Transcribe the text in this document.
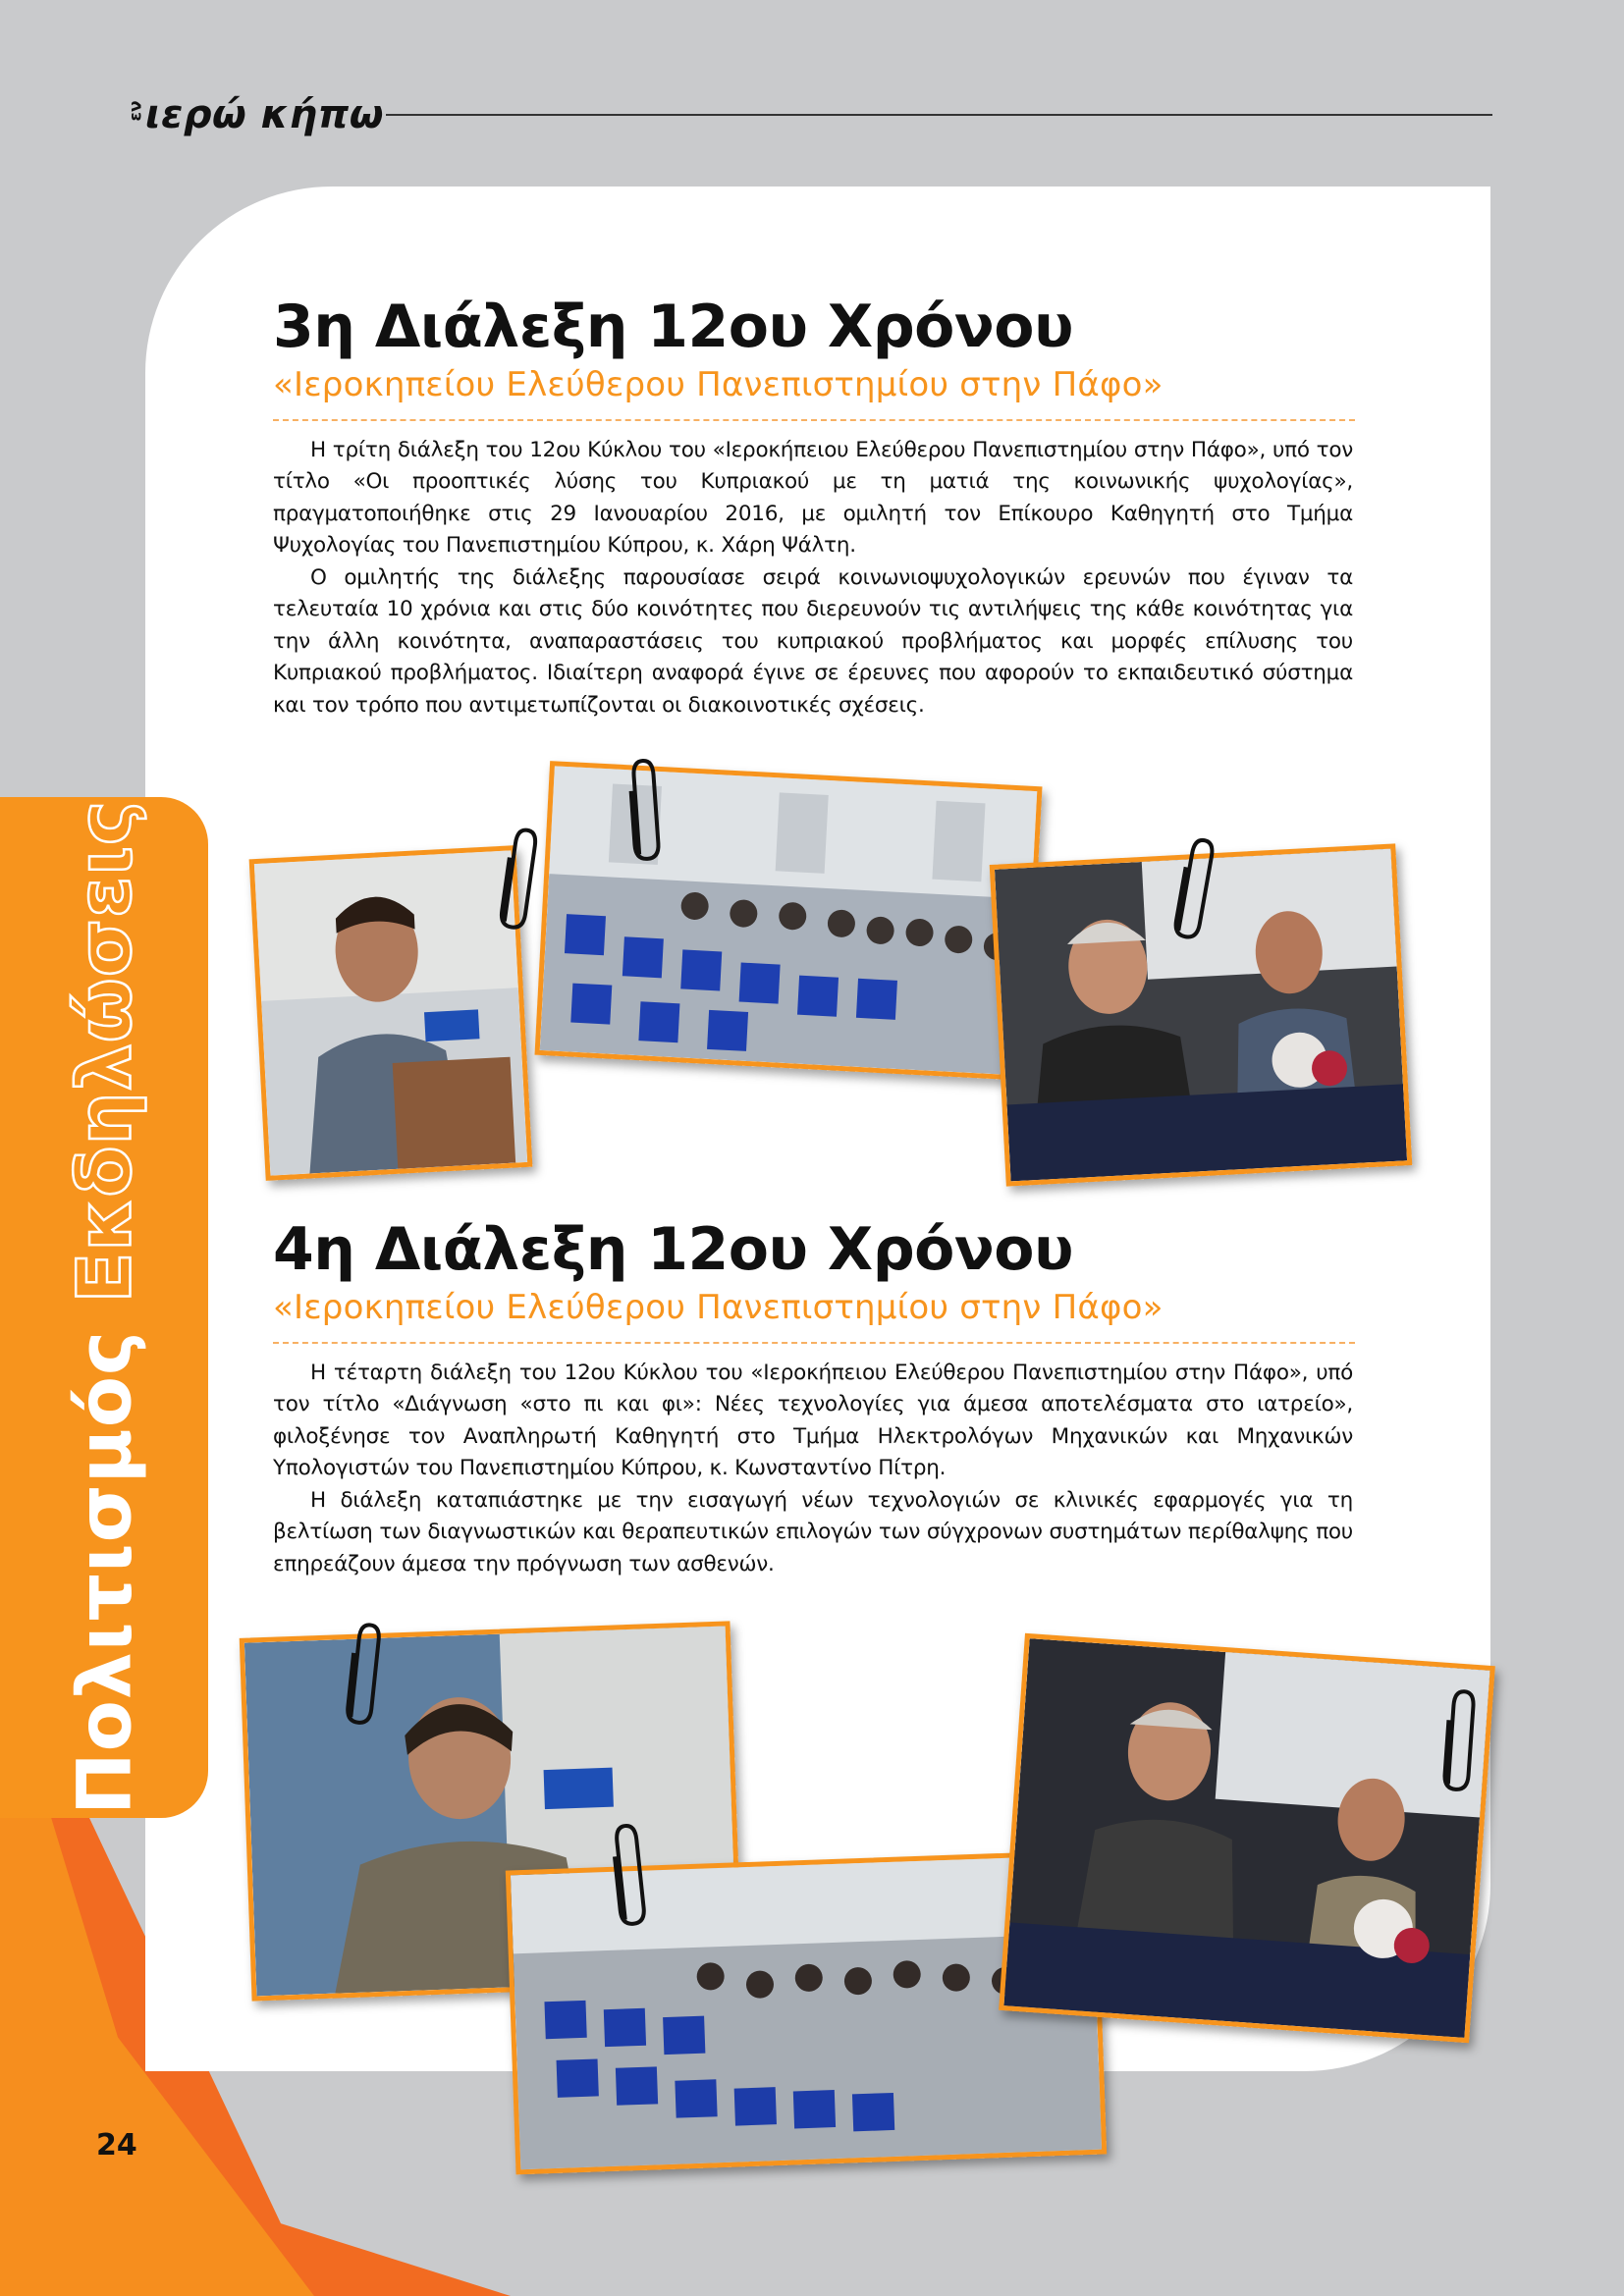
εν ιερώ κήπω
Πολιτισμός Εκδηλώσεις
3η Διάλεξη 12ου Χρόνου
«Ιεροκηπείου Ελεύθερου Πανεπιστημίου στην Πάφο»

Η τρίτη διάλεξη του 12ου Κύκλου του «Ιεροκήπειου Ελεύθερου Πανεπιστημίου στην Πάφο», υπό τον τίτλο «Οι προοπτικές λύσης του Κυπριακού με τη ματιά της κοινωνικής ψυχολογίας», πραγματοποιήθηκε στις 29 Ιανουαρίου 2016, με ομιλητή τον Επίκουρο Καθηγητή στο Τμήμα Ψυχολογίας του Πανεπιστημίου Κύπρου, κ. Χάρη Ψάλτη.

Ο ομιλητής της διάλεξης παρουσίασε σειρά κοινωνιοψυχολογικών ερευνών που έγιναν τα τελευταία 10 χρόνια και στις δύο κοινότητες που διερευνούν τις αντιλήψεις της κάθε κοινότητας για την άλλη κοινότητα, αναπαραστάσεις του κυπριακού προβλήματος και μορφές επίλυσης του Κυπριακού προβλήματος. Ιδιαίτερη αναφορά έγινε σε έρευνες που αφορούν το εκπαιδευτικό σύστημα και τον τρόπο που αντιμετωπίζονται οι διακοινοτικές σχέσεις.

4η Διάλεξη 12ου Χρόνου
«Ιεροκηπείου Ελεύθερου Πανεπιστημίου στην Πάφο»

Η τέταρτη διάλεξη του 12ου Κύκλου του «Ιεροκήπειου Ελεύθερου Πανεπιστημίου στην Πάφο», υπό τον τίτλο «Διάγνωση «στο πι και φι»: Νέες τεχνολογίες για άμεσα αποτελέσματα στο ιατρείο», φιλοξένησε τον Αναπληρωτή Καθηγητή στο Τμήμα Ηλεκτρολόγων Μηχανικών και Μηχανικών Υπολογιστών του Πανεπιστημίου Κύπρου, κ. Κωνσταντίνο Πίτρη.

Η διάλεξη καταπιάστηκε με την εισαγωγή νέων τεχνολογιών σε κλινικές εφαρμογές για τη βελτίωση των διαγνωστικών και θεραπευτικών επιλογών των σύγχρονων συστημάτων περίθαλψης που επηρεάζουν άμεσα την πρόγνωση των ασθενών.

24
